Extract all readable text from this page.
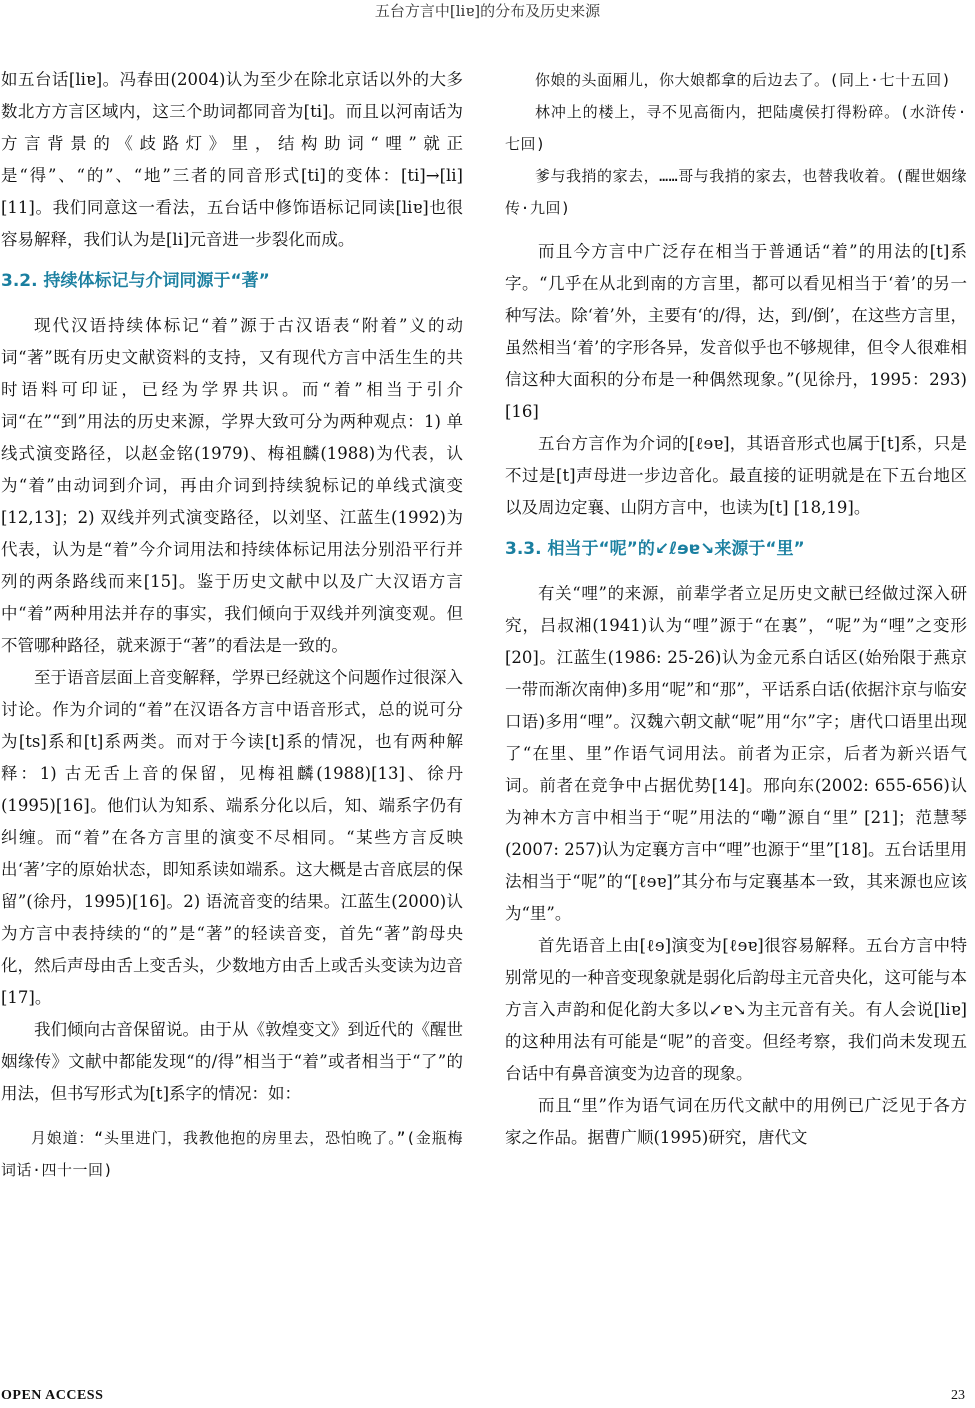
五台方言中[liɐ]的分布及历史来源

如五台话[liɐ]。冯春田(2004)认为至少在除北京话以外的大多数北方方言区域内，这三个助词都同音为[ti]。而且以河南话为方言背景的《歧路灯》里，结构助词“哩”就正是“得”、“的”、“地”三者的同音形式[ti]的变体：[ti]→[li][11]。我们同意这一看法，五台话中修饰语标记同读[liɐ]也很容易解释，我们认为是[li]元音进一步裂化而成。

3.2. 持续体标记与介词同源于“著”

现代汉语持续体标记“着”源于古汉语表“附着”义的动词“著”既有历史文献资料的支持，又有现代方言中活生生的共时语料可印证，已经为学界共识。而“着”相当于引介词“在”“到”用法的历史来源，学界大致可分为两种观点：1) 单线式演变路径，以赵金铭(1979)、梅祖麟(1988)为代表，认为“着”由动词到介词，再由介词到持续貌标记的单线式演变[12,13]；2) 双线并列式演变路径，以刘坚、江蓝生(1992)为代表，认为是“着”今介词用法和持续体标记用法分别沿平行并列的两条路线而来[15]。鉴于历史文献中以及广大汉语方言中“着”两种用法并存的事实，我们倾向于双线并列演变观。但不管哪种路径，就来源于“著”的看法是一致的。

至于语音层面上音变解释，学界已经就这个问题作过很深入讨论。作为介词的“着”在汉语各方言中语音形式，总的说可分为[ts]系和[t]系两类。而对于今读[t]系的情况，也有两种解释：1) 古无舌上音的保留，见梅祖麟(1988)[13]、徐丹(1995)[16]。他们认为知系、端系分化以后，知、端系字仍有纠缠。而“着”在各方言里的演变不尽相同。“某些方言反映出‘著’字的原始状态，即知系读如端系。这大概是古音底层的保留”(徐丹，1995)[16]。2) 语流音变的结果。江蓝生(2000)认为方言中表持续的“的”是“著”的轻读音变，首先“著”韵母央化，然后声母由舌上变舌头，少数地方由舌上或舌头变读为边音[17]。

我们倾向古音保留说。由于从《敦煌变文》到近代的《醒世姻缘传》文献中都能发现“的/得”相当于“着”或者相当于“了”的用法，但书写形式为[t]系字的情况：如：

月娘道：“头里进门，我教他抱的房里去，恐怕晚了。”(金瓶梅词话·四十一回)

你娘的头面厢儿，你大娘都拿的后边去了。(同上·七十五回)

林冲上的楼上，寻不见高衙内，把陆虞侯打得粉碎。(水浒传·七回)

爹与我捎的家去，……哥与我捎的家去，也替我收着。(醒世姻缘传·九回)

而且今方言中广泛存在相当于普通话“着”的用法的[t]系字。“几乎在从北到南的方言里，都可以看见相当于‘着’的另一种写法。除‘着’外，主要有‘的/得，达，到/倒’，在这些方言里，虽然相当‘着’的字形各异，发音似乎也不够规律，但令人很难相信这种大面积的分布是一种偶然现象。”(见徐丹，1995：293)[16]

五台方言作为介词的[ℓɘɐ]，其语音形式也属于[t]系，只是不过是[t]声母进一步边音化。最直接的证明就是在下五台地区以及周边定襄、山阴方言中，也读为[t] [18,19]。

3.3. 相当于“呢”的↙ℓɘɐ↘来源于“里”

有关“哩”的来源，前辈学者立足历史文献已经做过深入研究，吕叔湘(1941)认为“哩”源于“在裏”，“呢”为“哩”之变形[20]。江蓝生(1986: 25-26)认为金元系白话区(始殆限于燕京一带而渐次南伸)多用“呢”和“那”，平话系白话(依据汴京与临安口语)多用“哩”。汉魏六朝文献“呢”用“尔”字；唐代口语里出现了“在里、里”作语气词用法。前者为正宗，后者为新兴语气词。前者在竞争中占据优势[14]。邢向东(2002: 655-656)认为神木方言中相当于“呢”用法的“嘞”源自“里” [21]；范慧琴(2007: 257)认为定襄方言中“哩”也源于“里”[18]。五台话里用法相当于“呢”的“[ℓɘɐ]”其分布与定襄基本一致，其来源也应该为“里”。

首先语音上由[ℓɘ]演变为[ℓɘɐ]很容易解释。五台方言中特别常见的一种音变现象就是弱化后韵母主元音央化，这可能与本方言入声韵和促化韵大多以↙ɐ↘为主元音有关。有人会说[liɐ]的这种用法有可能是“呢”的音变。但经考察，我们尚未发现五台话中有鼻音演变为边音的现象。

而且“里”作为语气词在历代文献中的用例已广泛见于各方家之作品。据曹广顺(1995)研究，唐代文

OPEN ACCESS	23
